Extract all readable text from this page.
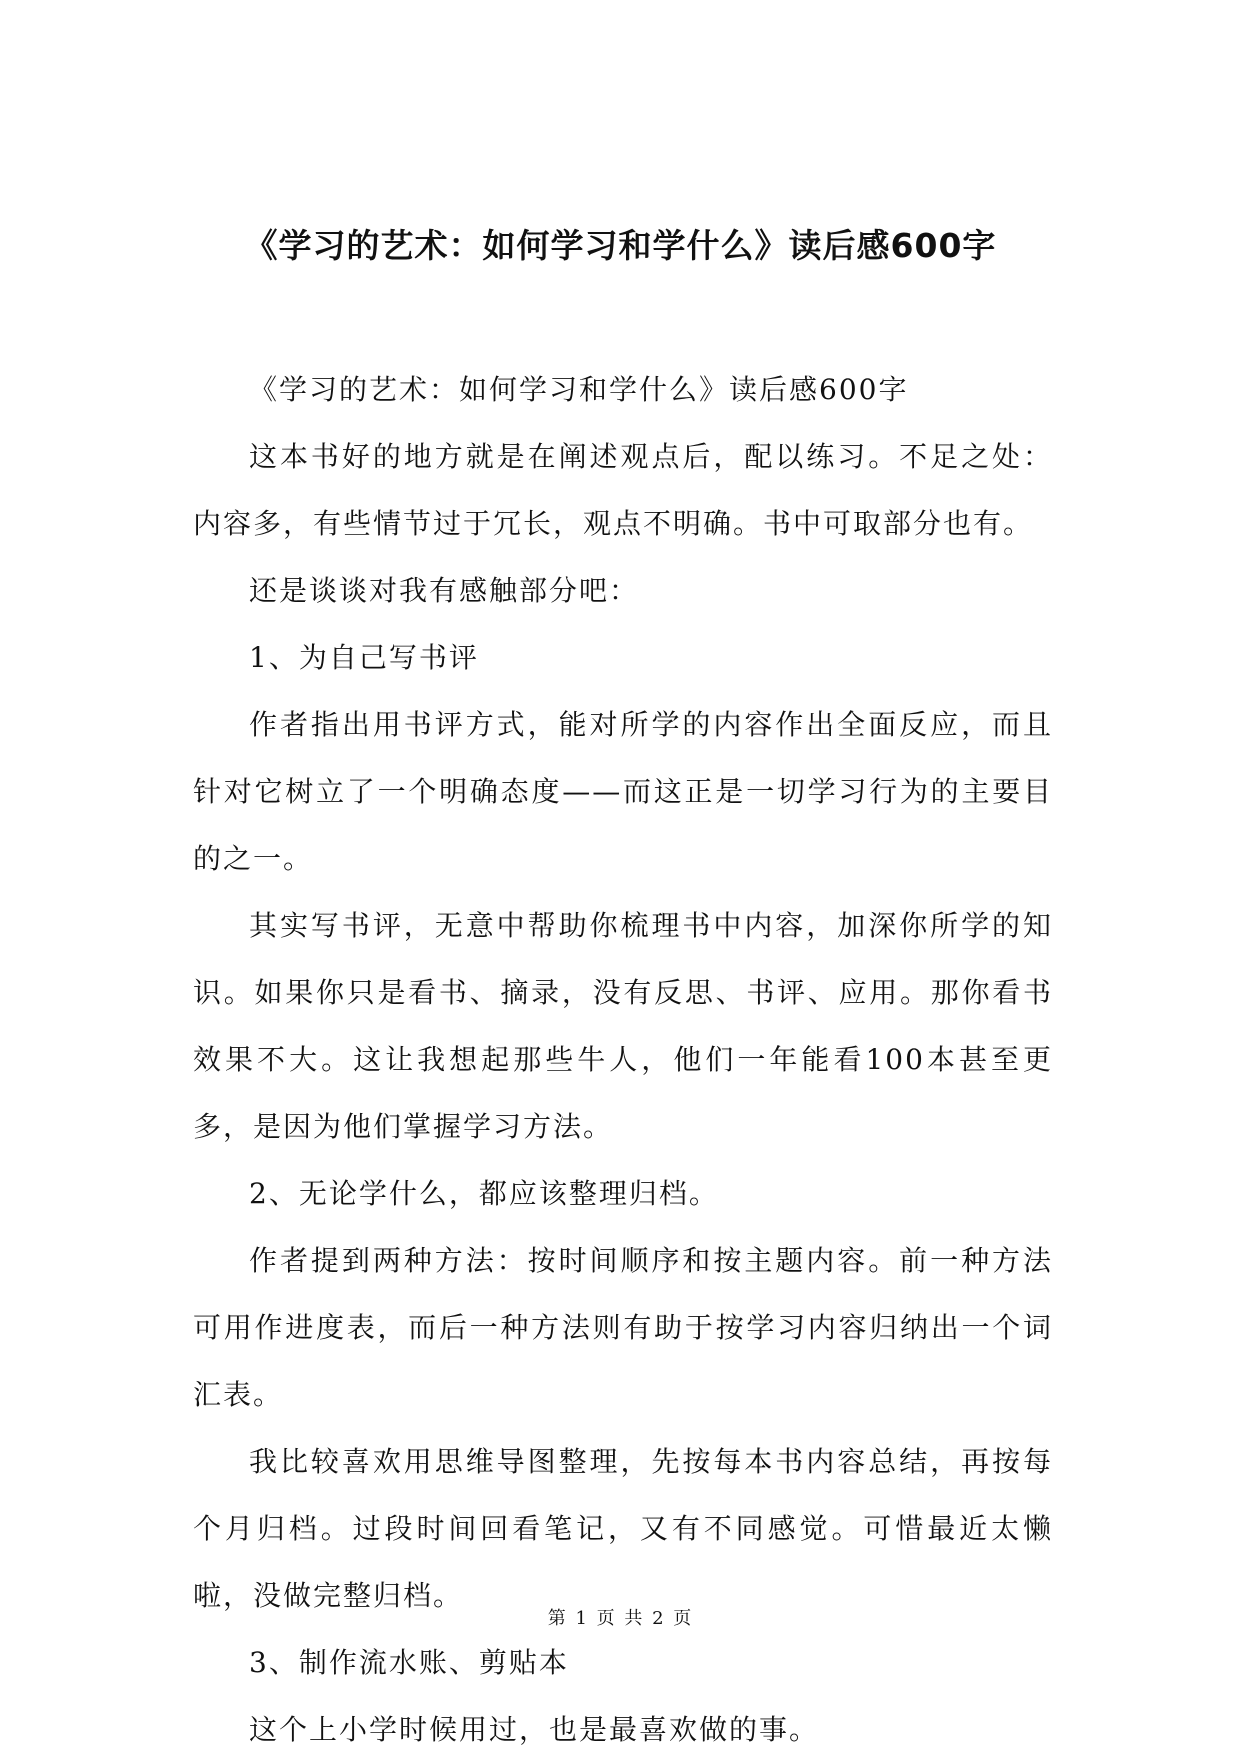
《学习的艺术：如何学习和学什么》读后感600字

《学习的艺术：如何学习和学什么》读后感600字

这本书好的地方就是在阐述观点后，配以练习。不足之处：内容多，有些情节过于冗长，观点不明确。书中可取部分也有。

还是谈谈对我有感触部分吧：

1、为自己写书评

作者指出用书评方式，能对所学的内容作出全面反应，而且针对它树立了一个明确态度——而这正是一切学习行为的主要目的之一。

其实写书评，无意中帮助你梳理书中内容，加深你所学的知识。如果你只是看书、摘录，没有反思、书评、应用。那你看书效果不大。这让我想起那些牛人，他们一年能看100本甚至更多，是因为他们掌握学习方法。

2、无论学什么，都应该整理归档。

作者提到两种方法：按时间顺序和按主题内容。前一种方法可用作进度表，而后一种方法则有助于按学习内容归纳出一个词汇表。

我比较喜欢用思维导图整理，先按每本书内容总结，再按每个月归档。过段时间回看笔记，又有不同感觉。可惜最近太懒啦，没做完整归档。

3、制作流水账、剪贴本

这个上小学时候用过，也是最喜欢做的事。

第 1 页 共 2 页
